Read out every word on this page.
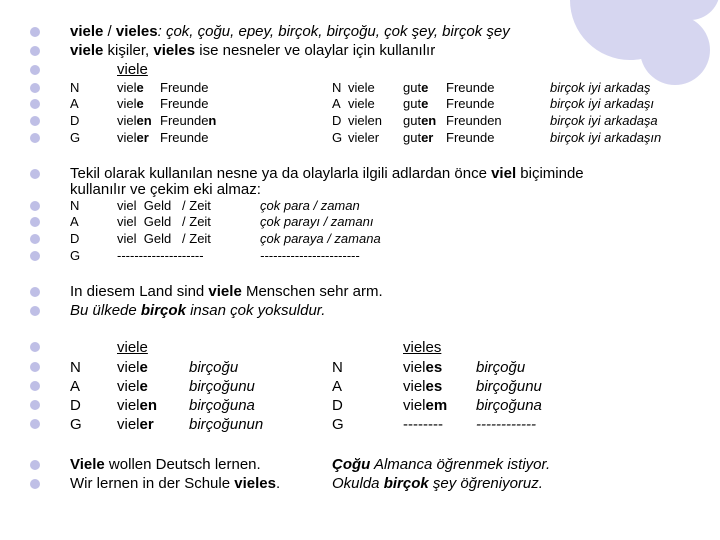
viele / vieles: çok, çoğu, epey, birçok, birçoğu, çok şey, birçok şey
viele kişiler, vieles ise nesneler ve olaylar için kullanılır
viele
N	viele Freunde	N viele gute Freunde	birçok iyi arkadaş
A	viele Freunde	A viele gute Freunde	birçok iyi arkadaşı
D	vielen Freunden	D vielen guten Freunden	birçok iyi arkadaşa
G	vieler Freunde	G vieler guter Freunde	birçok iyi arkadaşın
Tekil olarak kullanılan nesne ya da olaylarla ilgili adlardan önce viel biçiminde
kullanılır ve çekim eki almaz:
N	viel  Geld   / Zeit	çok para / zaman
A	viel  Geld   / Zeit	çok parayı / zamanı
D	viel  Geld   / Zeit	çok paraya / zamana
G	--------------------	-----------------------
In diesem Land sind viele Menschen sehr arm.
Bu ülkede birçok insan çok yoksuldur.
viele	vieles
N viele	birçoğu	N	vieles birçoğu
A viele	birçoğunu	A	vieles birçoğunu
D vielen birçoğuna	D	vielem birçoğuna
G vieler birçoğunun	G	-------- ------------
Viele wollen Deutsch lernen.	Çoğu Almanca öğrenmek istiyor.
Wir lernen in der Schule vieles.	Okulda birçok şey öğreniyoruz.
